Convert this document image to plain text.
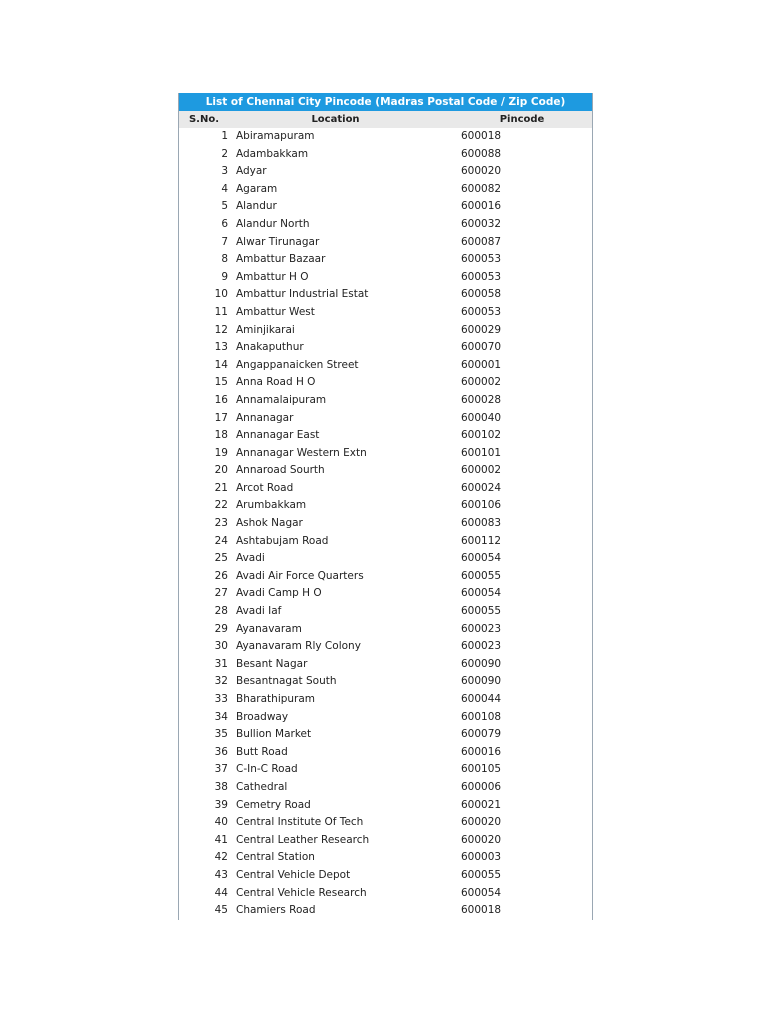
List of Chennai City Pincode (Madras Postal Code / Zip Code)
S.No.	Location	Pincode
1 Abiramapuram	600018
2 Adambakkam	600088
3 Adyar	600020
4 Agaram	600082
5 Alandur	600016
6 Alandur North	600032
7 Alwar Tirunagar	600087
8 Ambattur Bazaar	600053
9 Ambattur H O	600053
10 Ambattur Industrial Estat	600058
11 Ambattur West	600053
12 Aminjikarai	600029
13 Anakaputhur	600070
14 Angappanaicken Street	600001
15 Anna Road H O	600002
16 Annamalaipuram	600028
17 Annanagar	600040
18 Annanagar East	600102
19 Annanagar Western Extn	600101
20 Annaroad Sourth	600002
21 Arcot Road	600024
22 Arumbakkam	600106
23 Ashok Nagar	600083
24 Ashtabujam Road	600112
25 Avadi	600054
26 Avadi Air Force Quarters	600055
27 Avadi Camp H O	600054
28 Avadi Iaf	600055
29 Ayanavaram	600023
30 Ayanavaram Rly Colony	600023
31 Besant Nagar	600090
32 Besantnagat South	600090
33 Bharathipuram	600044
34 Broadway	600108
35 Bullion Market	600079
36 Butt Road	600016
37 C-In-C Road	600105
38 Cathedral	600006
39 Cemetry Road	600021
40 Central Institute Of Tech	600020
41 Central Leather Research	600020
42 Central Station	600003
43 Central Vehicle Depot	600055
44 Central Vehicle Research	600054
45 Chamiers Road	600018
